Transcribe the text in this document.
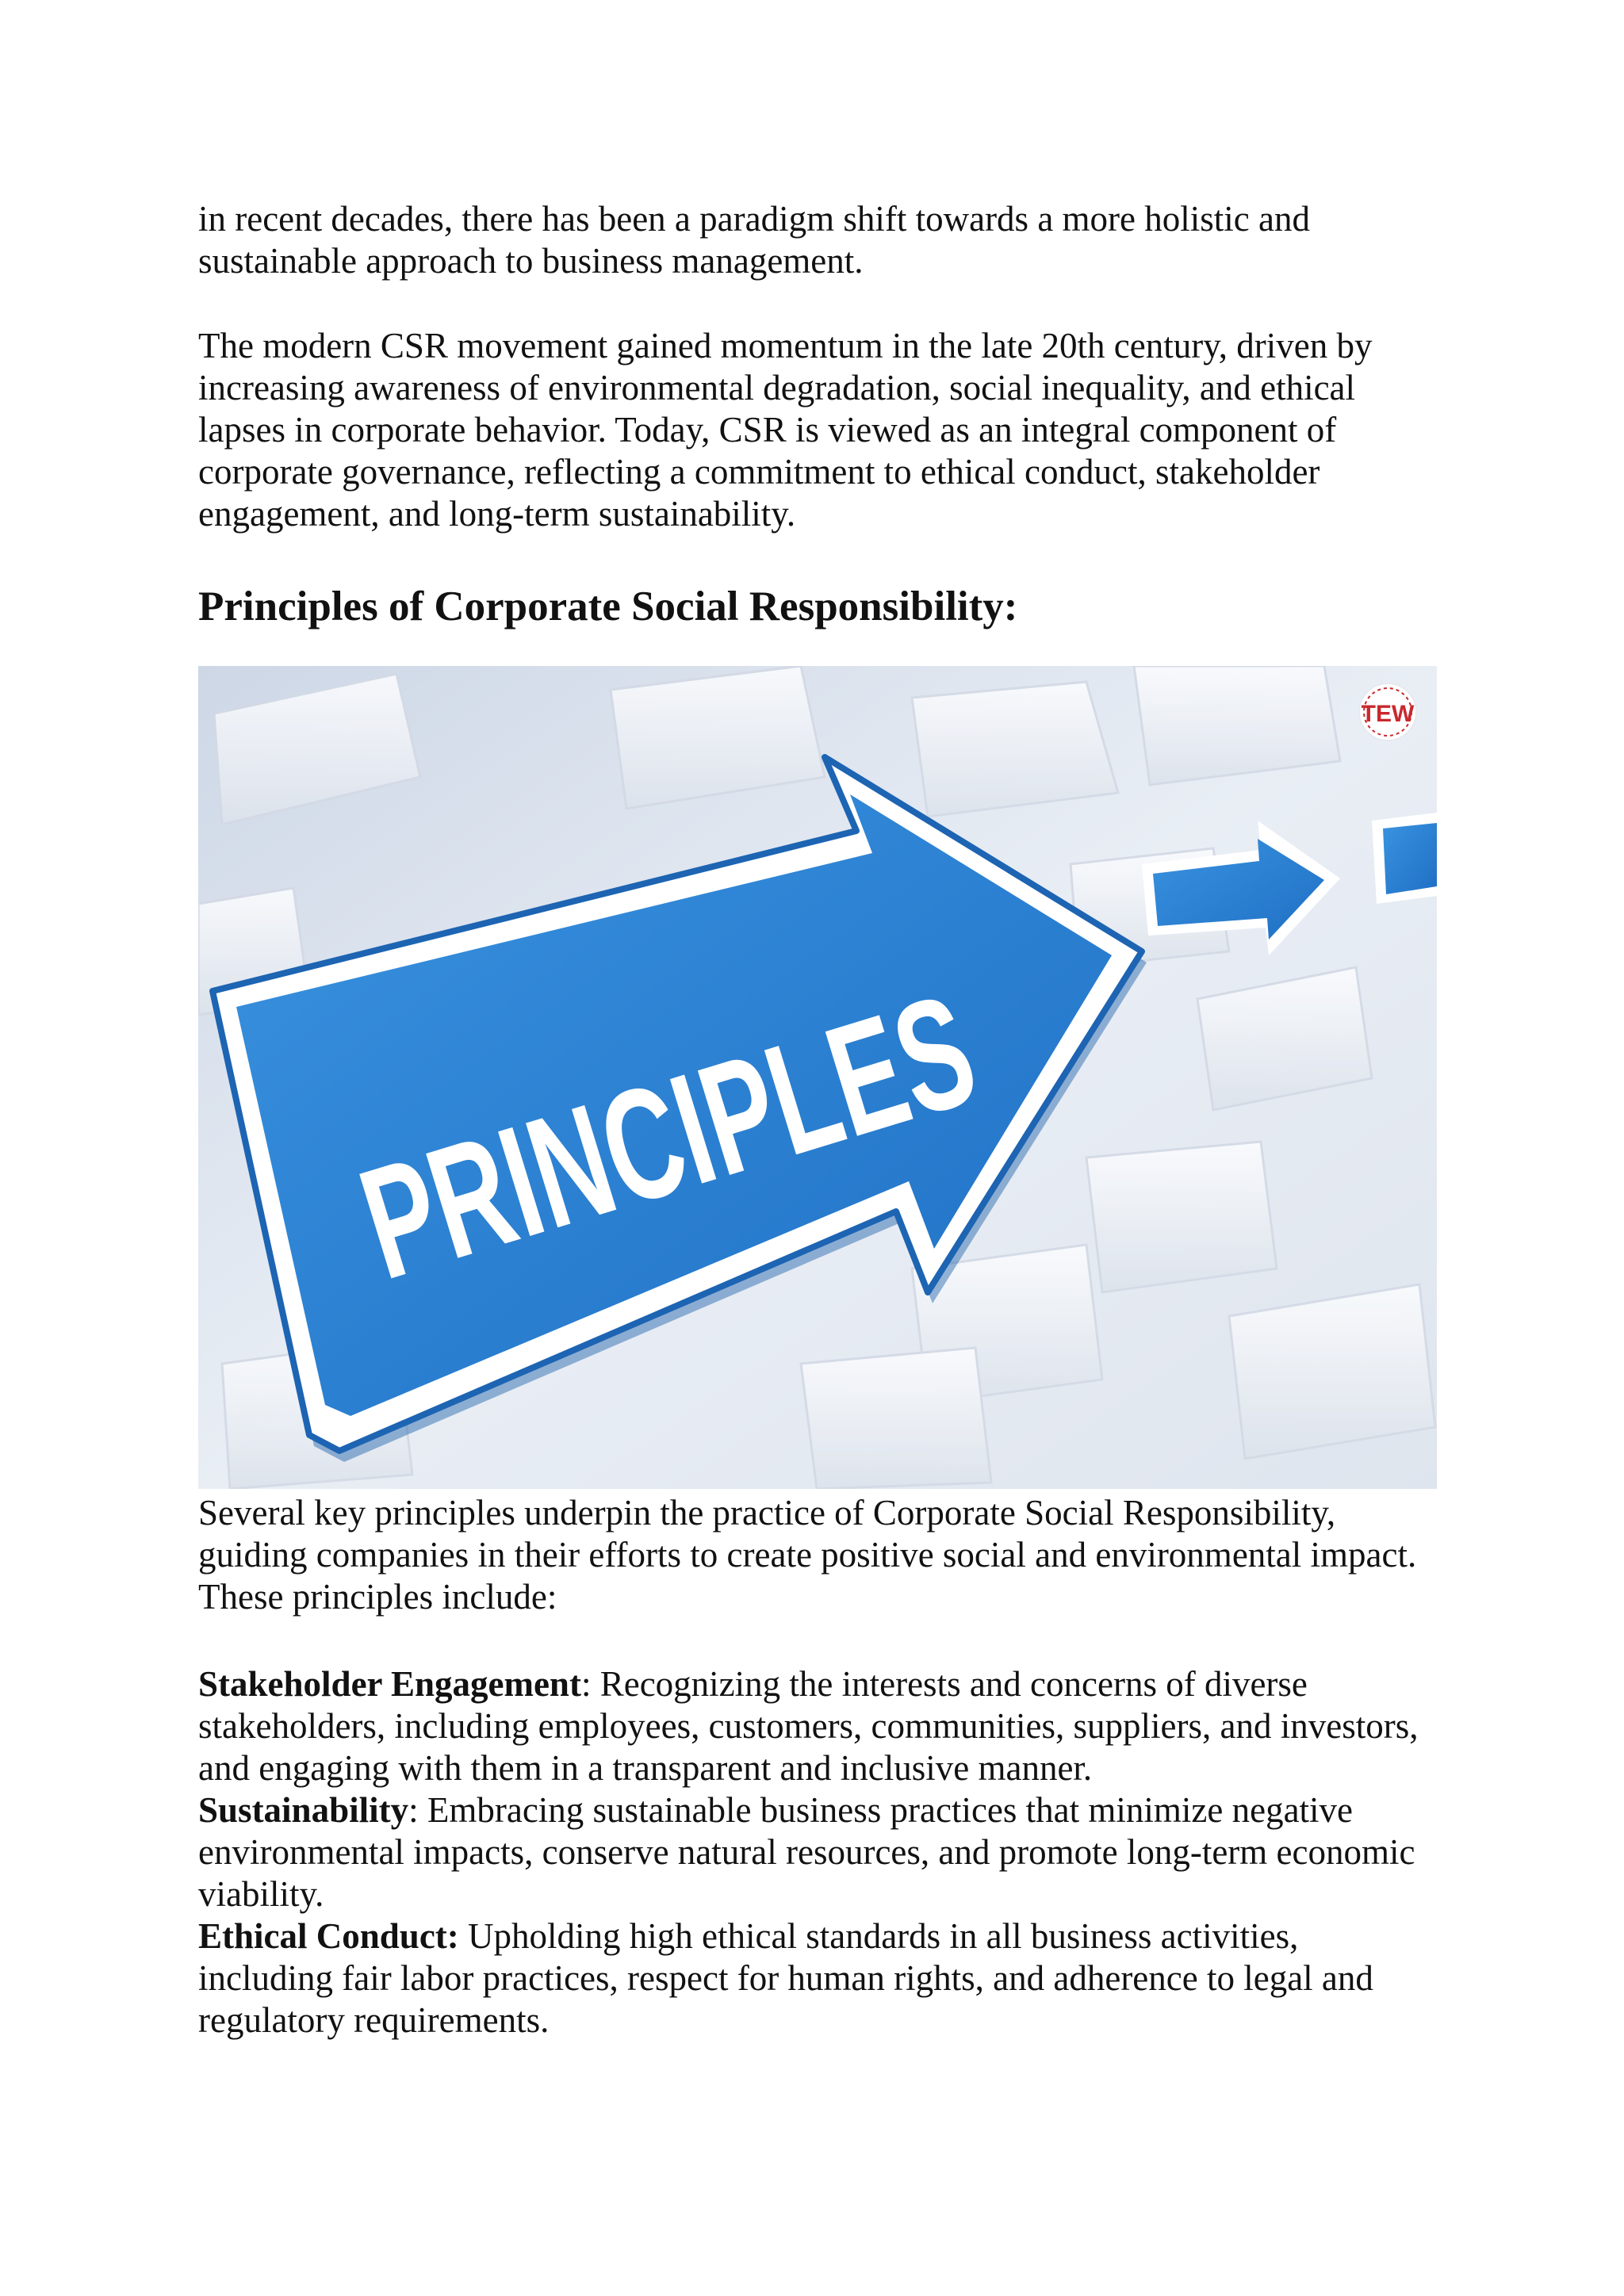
in recent decades, there has been a paradigm shift towards a more holistic and sustainable approach to business management.

The modern CSR movement gained momentum in the late 20th century, driven by increasing awareness of environmental degradation, social inequality, and ethical lapses in corporate behavior. Today, CSR is viewed as an integral component of corporate governance, reflecting a commitment to ethical conduct, stakeholder engagement, and long-term sustainability.

Principles of Corporate Social Responsibility:
PRINCIPLES
TEW

Several key principles underpin the practice of Corporate Social Responsibility, guiding companies in their efforts to create positive social and environmental impact. These principles include:

Stakeholder Engagement: Recognizing the interests and concerns of diverse stakeholders, including employees, customers, communities, suppliers, and investors, and engaging with them in a transparent and inclusive manner.

Sustainability: Embracing sustainable business practices that minimize negative environmental impacts, conserve natural resources, and promote long-term economic viability.

Ethical Conduct: Upholding high ethical standards in all business activities, including fair labor practices, respect for human rights, and adherence to legal and regulatory requirements.
